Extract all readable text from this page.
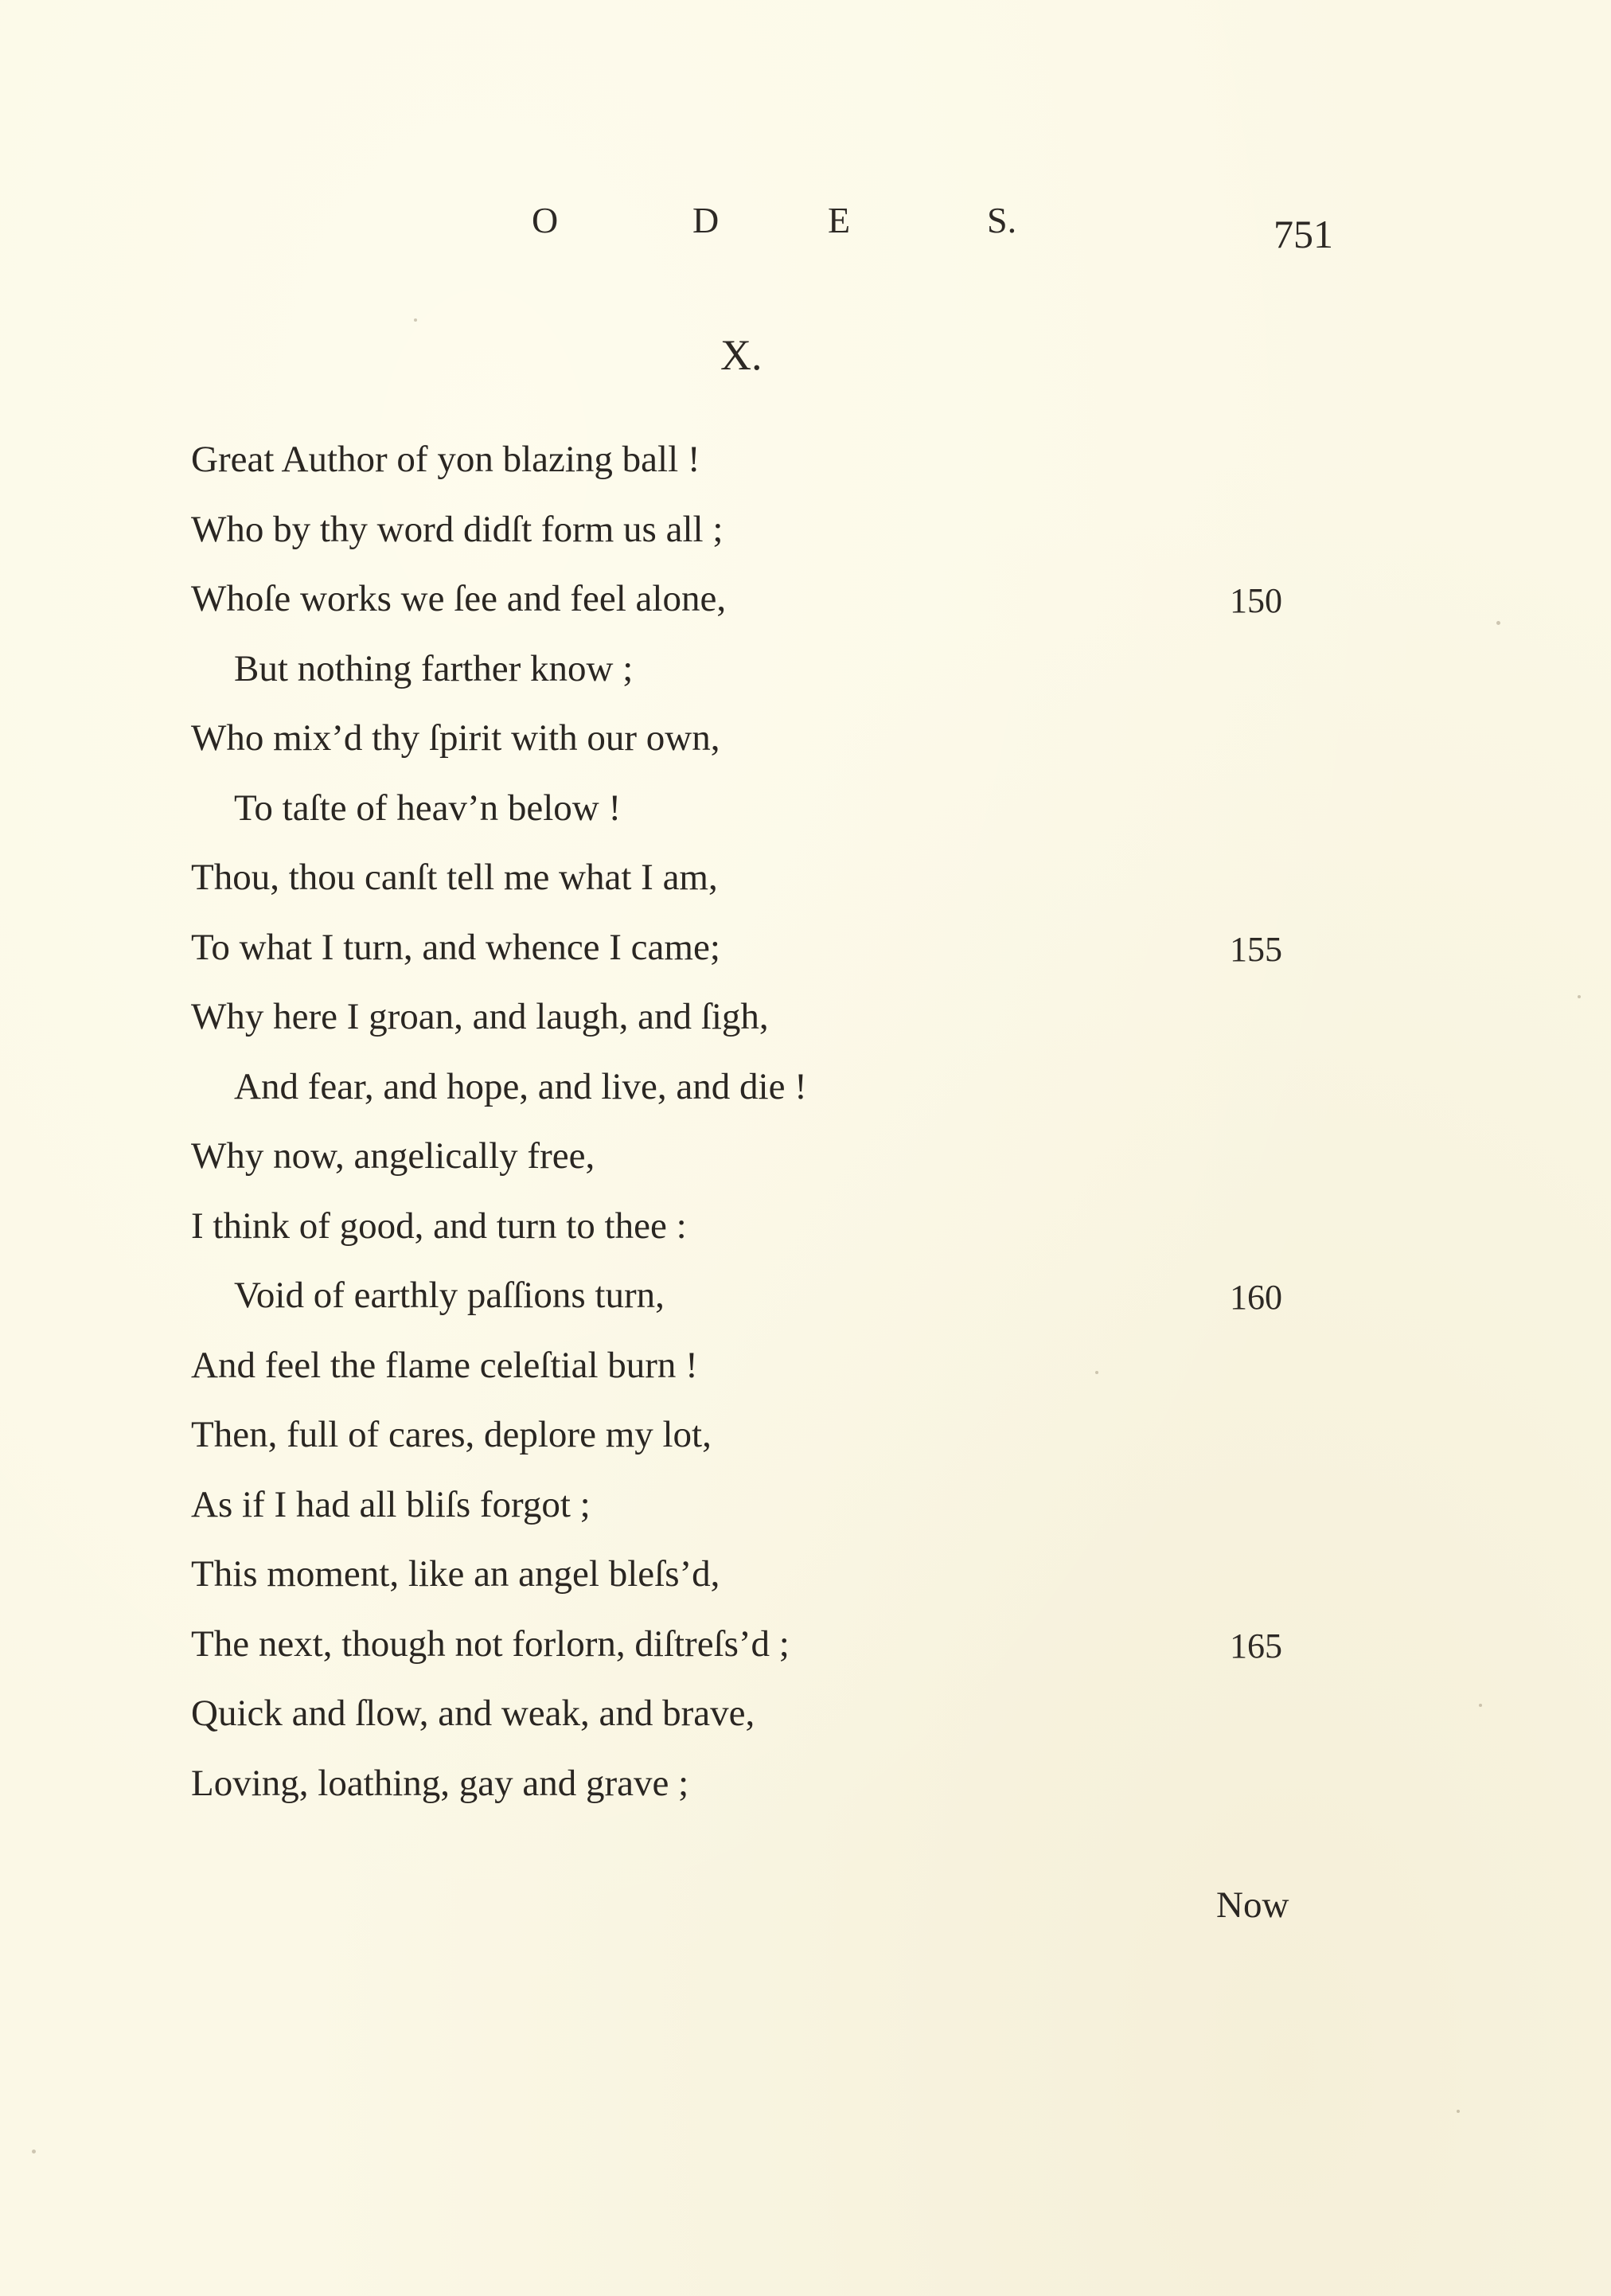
O	D	E	S.	751
X.
Great Author of yon blazing ball !
Who by thy word didſt form us all ;
Whoſe works we ſee and feel alone,
But nothing farther know ;
Who mix’d thy ſpirit with our own,
To taſte of heav’n below !
Thou, thou canſt tell me what I am,
To what I turn, and whence I came;
Why here I groan, and laugh, and ſigh,
And fear, and hope, and live, and die !
Why now, angelically free,
I think of good, and turn to thee :
Void of earthly paſſions turn,
And feel the flame celeſtial burn !
Then, full of cares, deplore my lot,
As if I had all bliſs forgot ;
This moment, like an angel bleſs’d,
The next, though not forlorn, diſtreſs’d ;
Quick and ſlow, and weak, and brave,
Loving, loathing, gay and grave ;
150
155
160
165
Now
